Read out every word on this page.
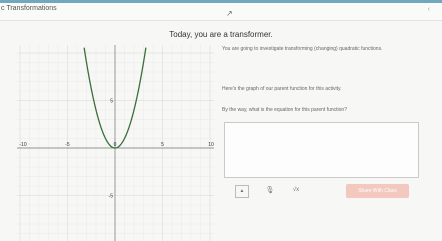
c Transformations	‹
↗
Today, you are a transformer.
-10	-5	0	5	10
5
-5

You are going to investigate transforming (changing) quadratic functions.

Here's the graph of our parent function for this activity.

By the way, what is the equation for this parent function?

▲	🎙	√x	Share With Class
